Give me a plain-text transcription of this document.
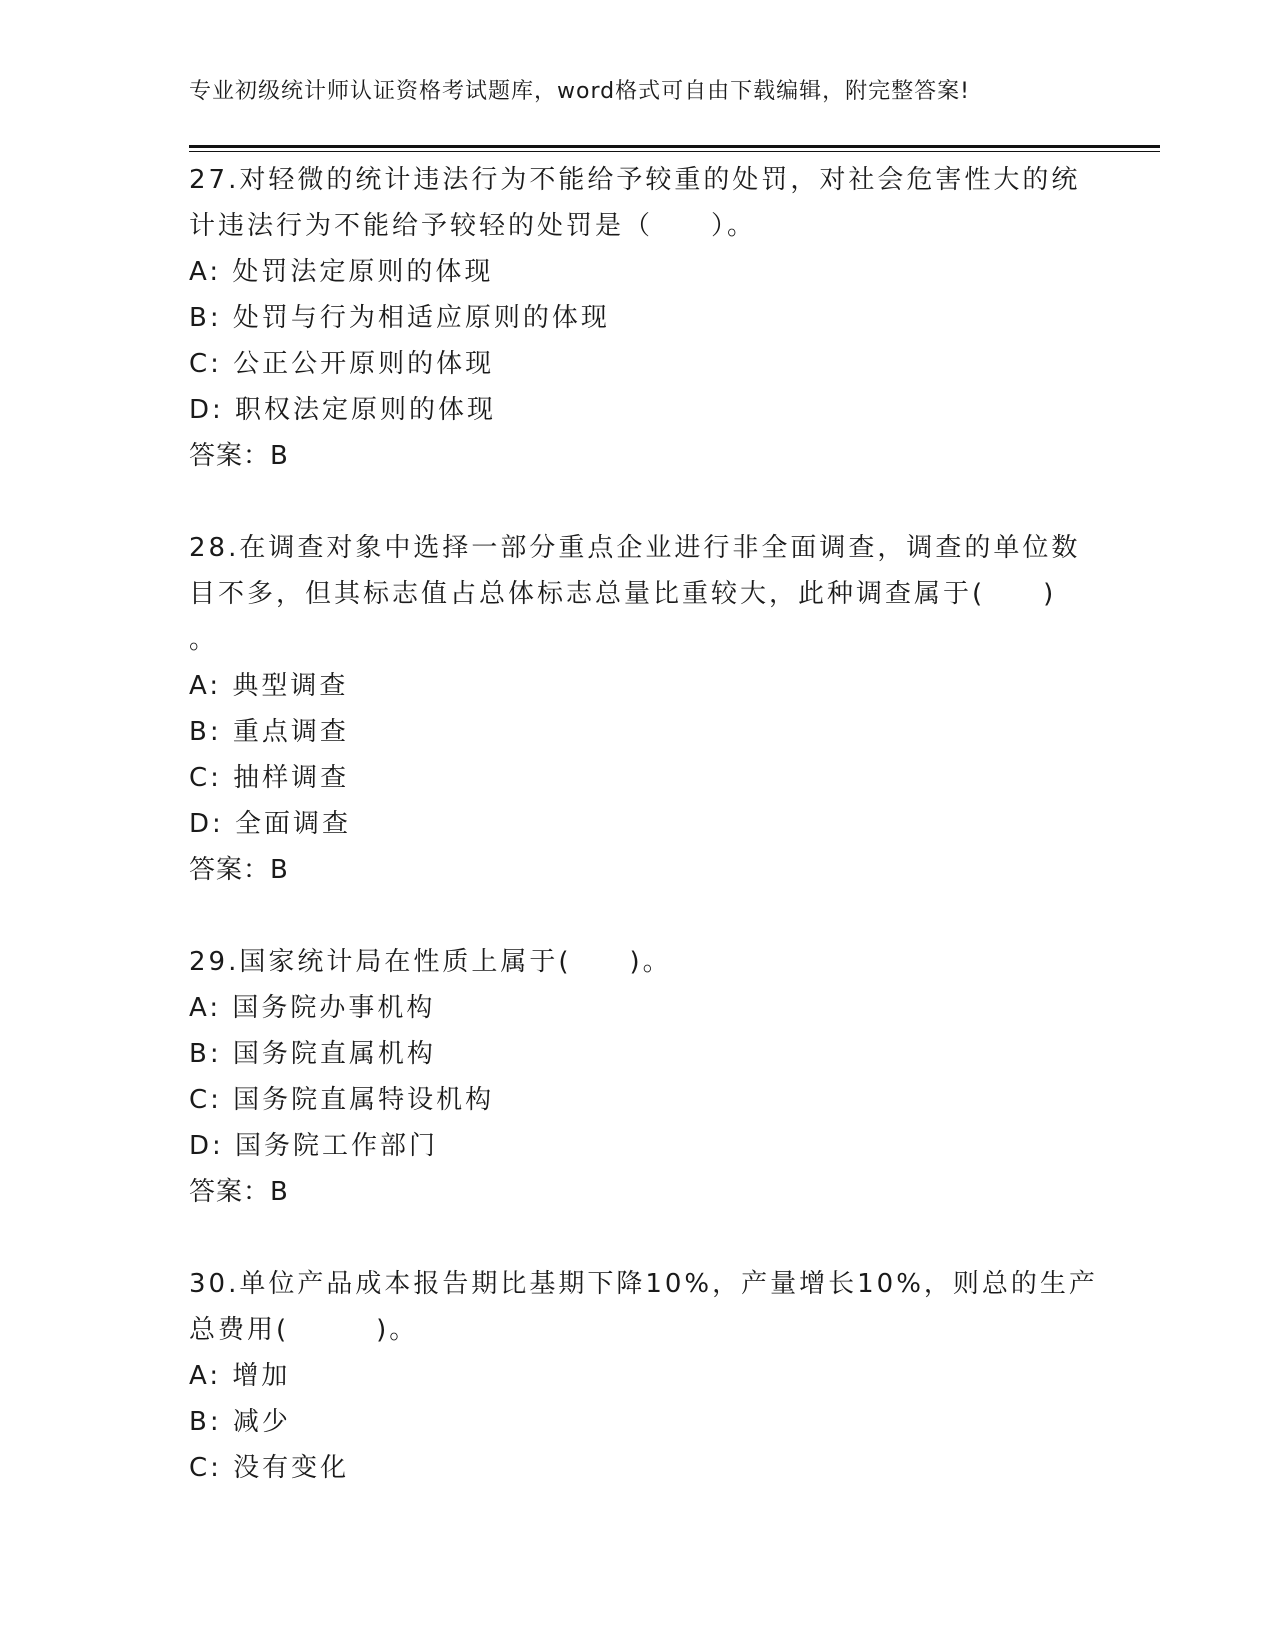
专业初级统计师认证资格考试题库，word格式可自由下载编辑，附完整答案!
27.对轻微的统计违法行为不能给予较重的处罚，对社会危害性大的统
计违法行为不能给予较轻的处罚是（　　）。
A: 处罚法定原则的体现
B: 处罚与行为相适应原则的体现
C: 公正公开原则的体现
D: 职权法定原则的体现
答案：B
28.在调查对象中选择一部分重点企业进行非全面调查，调查的单位数
目不多，但其标志值占总体标志总量比重较大，此种调查属于(　　)
。
A: 典型调查
B: 重点调查
C: 抽样调查
D: 全面调查
答案：B
29.国家统计局在性质上属于(　　)。
A: 国务院办事机构
B: 国务院直属机构
C: 国务院直属特设机构
D: 国务院工作部门
答案：B
30.单位产品成本报告期比基期下降10%，产量增长10%，则总的生产
总费用(　　　)。
A: 增加
B: 减少
C: 没有变化
